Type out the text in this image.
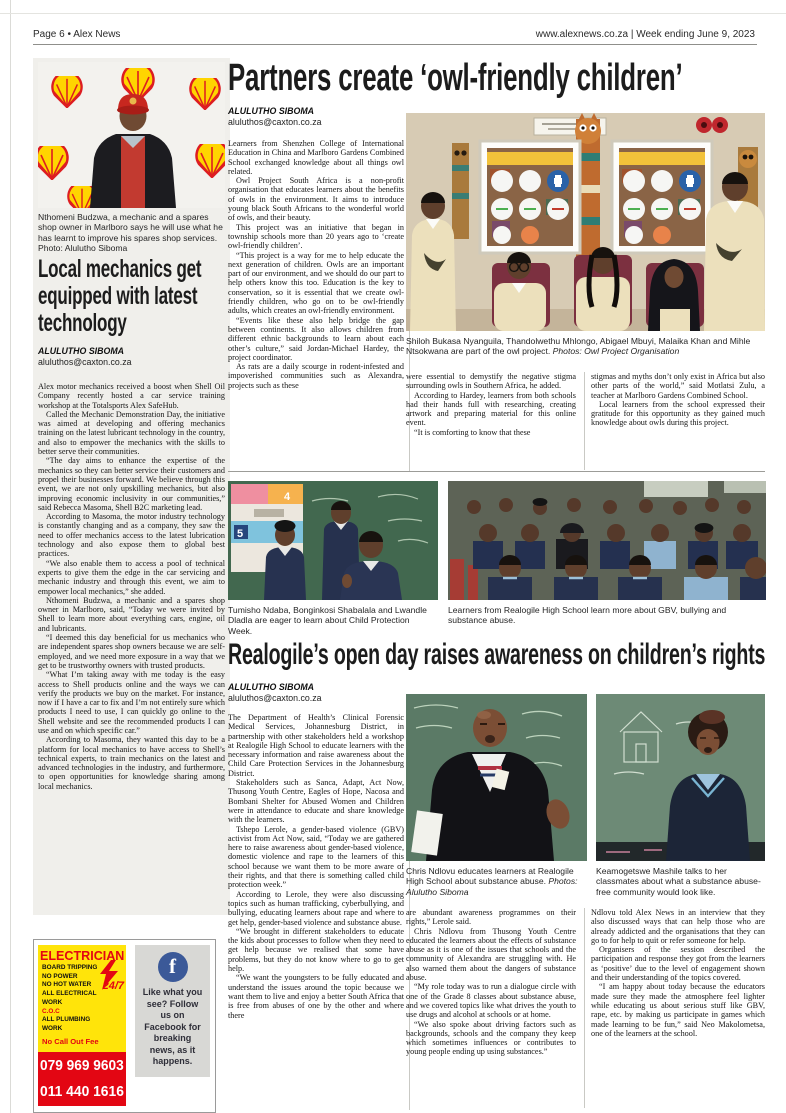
Page 6 • Alex News	www.alexnews.co.za | Week ending June 9, 2023
Nthomeni Budzwa, a mechanic and a spares shop owner in Marlboro says he will use what he has learnt to improve his spares shop services. Photo: Alulutho Siboma
Local mechanics get
equipped with latest
technology
ALULUTHO SIBOMA
aluluthos@caxton.co.za

Alex motor mechanics received a boost when Shell Oil Company recently hosted a car service training workshop at the Totalsports Alex SafeHub.

Called the Mechanic Demonstration Day, the initiative was aimed at developing and offering mechanics training on the latest lubricant technology in the country, and also to empower the mechanics with the skills to better serve their communities.

“The day aims to enhance the expertise of the mechanics so they can better service their customers and propel their businesses forward. We believe through this event, we are not only upskilling mechanics, but also improving economic inclusivity in our communities,” said Rebecca Masoma, Shell B2C marketing lead.

According to Masoma, the motor industry technology is constantly changing and as a company, they saw the need to offer mechanics access to the latest lubrication technology and also expose them to global best practices.

“We also enable them to access a pool of technical experts to give them the edge in the car servicing and mechanic industry and through this event, we aim to empower local mechanics,” she added.

Nthomeni Budzwa, a mechanic and a spares shop owner in Marlboro, said, “Today we were invited by Shell to learn more about everything cars, engine, oil and lubricants.

“I deemed this day beneficial for us mechanics who are independent spares shop owners because we are self-employed, and we need more exposure in a way that we get to be trustworthy owners with trusted products.

“What I’m taking away with me today is the easy access to Shell products online and the ways we can verify the products we buy on the market. For instance, now if I have a car to fix and I’m not entirely sure which products I need to use, I can quickly go online to the Shell website and see the recommended products I can use and on which specific car.”

According to Masoma, they wanted this day to be a platform for local mechanics to have access to Shell’s technical experts, to train mechanics on the latest and advanced technologies in the industry, and furthermore, to open opportunities for knowledge sharing among local mechanics.

Partners create ‘owl-friendly children’
ALULUTHO SIBOMA
aluluthos@caxton.co.za

Learners from Shenzhen College of International Education in China and Marlboro Gardens Combined School exchanged knowledge about all things owl related.

Owl Project South Africa is a non-profit organisation that educates learners about the benefits of owls in the environment. It aims to introduce young black South Africans to the wonderful world of owls, and their beauty.

This project was an initiative that began in township schools more than 20 years ago to ‘create owl-friendly children’.

“This project is a way for me to help educate the next generation of children. Owls are an important part of our environment, and we should do our part to help others know this too. Education is the key to conservation, so it is essential that we create owl-friendly children, who go on to be owl-friendly adults, which creates an owl-friendly environment.

“Events like these also help bridge the gap between continents. It also allows children from different ethnic backgrounds to learn about each other’s culture,” said Jordan-Michael Hardey, the project coordinator.

As rats are a daily scourge in rodent-infested and impoverished communities such as Alexandra, projects such as these

Shiloh Bukasa Nyanguila, Thandolwethu Mhlongo, Abigael Mbuyi, Malaika Khan and Mihle Ntsokwana are part of the owl project. Photos: Owl Project Organisation

were essential to demystify the negative stigma surrounding owls in Southern Africa, he added.

According to Hardey, learners from both schools had their hands full with researching, creating artwork and preparing material for this online event.

“It is comforting to know that these

stigmas and myths don’t only exist in Africa but also other parts of the world,” said Motlatsi Zulu, a teacher at Marlboro Gardens Combined School.

Local learners from the school expressed their gratitude for this opportunity as they gained much knowledge about owls during this project.

5
4
Tumisho Ndaba, Bonginkosi Shabalala and Lwandle Dladla are eager to learn about Child Protection Week.
Learners from Realogile High School learn more about GBV, bullying and substance abuse.
Realogile’s open day raises awareness on children’s rights
ALULUTHO SIBOMA
aluluthos@caxton.co.za

The Department of Health’s Clinical Forensic Medical Services, Johannesburg District, in partnership with other stakeholders held a workshop at Realogile High School to educate learners with the necessary information and raise awareness about the Child Care Protection Services in the Johannesburg District.

Stakeholders such as Sanca, Adapt, Act Now, Thusong Youth Centre, Eagles of Hope, Nacosa and Bombani Shelter for Abused Women and Children were in attendance to educate and share knowledge with the learners.

Tshepo Lerole, a gender-based violence (GBV) activist from Act Now, said, “Today we are gathered here to raise awareness about gender-based violence, domestic violence and rape to the learners of this school because we want them to be more aware of their rights, and that there is something called child protection week.”

According to Lerole, they were also discussing topics such as human trafficking, cyberbullying, and bullying, educating learners about rape and where to get help, gender-based violence and substance abuse.

“We brought in different stakeholders to educate the kids about processes to follow when they need to get help because we realised that some have problems, but they do not know where to go to get help.

“We want the youngsters to be fully educated and understand the issues around the topic because we want them to live and enjoy a better South Africa that is free from abuses of one by the other and where there

Chris Ndlovu educates learners at Realogile High School about substance abuse. Photos: Alulutho Siboma
Keamogetswe Mashile talks to her classmates about what a substance abuse-free community would look like.

are abundant awareness programmes on their rights,” Lerole said.

Chris Ndlovu from Thusong Youth Centre educated the learners about the effects of substance abuse as it is one of the issues that schools and the community of Alexandra are struggling with. He also warned them about the dangers of substance abuse.

“My role today was to run a dialogue circle with one of the Grade 8 classes about substance abuse, and we covered topics like what drives the youth to use drugs and alcohol at schools or at home.

“We also spoke about driving factors such as backgrounds, schools and the company they keep which sometimes influences or contributes to young people ending up using substances.”

Ndlovu told Alex News in an interview that they also discussed ways that can help those who are already addicted and the organisations that they can go to for help to quit or refer someone for help.

Organisers of the session described the participation and response they got from the learners as ‘positive’ due to the level of engagement shown and their understanding of the topics covered.

“I am happy about today because the educators made sure they made the atmosphere feel lighter while educating us about serious stuff like GBV, rape, etc. by making us participate in games which made learning to be fun,” said Neo Makolometsa, one of the learners at the school.

ELECTRICIAN

BOARD TRIPPING

NO POWER

NO HOT WATER

ALL ELECTRICAL WORK

C.O.C

ALL PLUMBING WORK

24/7
No Call Out Fee
079 969 9603
011 440 1616
f
Like what you see? Follow us on Facebook for breaking news, as it happens.
